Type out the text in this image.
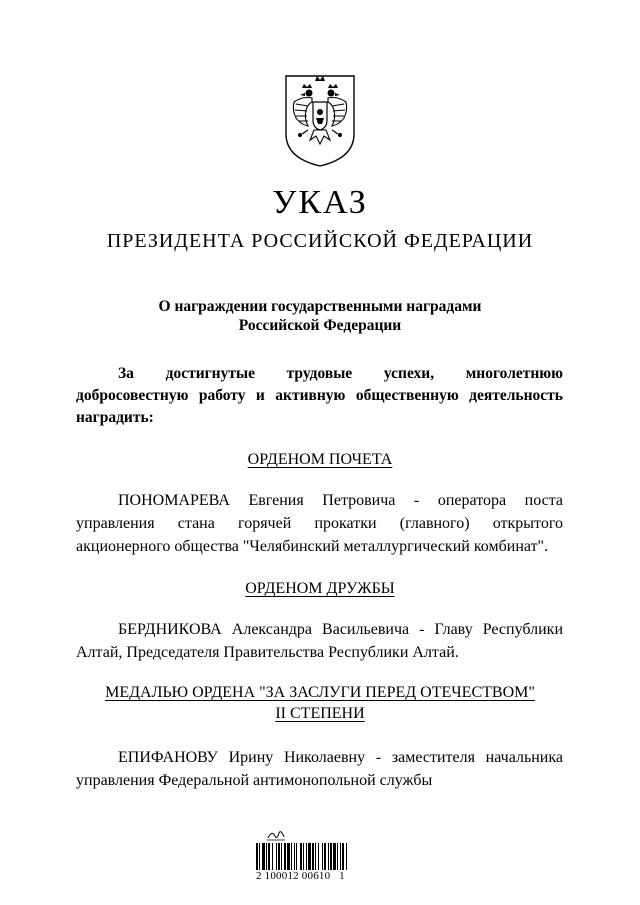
УКАЗ
ПРЕЗИДЕНТА РОССИЙСКОЙ ФЕДЕРАЦИИ
О награждении государственными наградами
Российской Федерации
За достигнутые трудовые успехи, многолетнюю
добросовестную работу и активную общественную деятельность
наградить:
ОРДЕНОМ ПОЧЕТА
ПОНОМАРЕВА Евгения Петровича - оператора поста
управления стана горячей прокатки (главного) открытого
акционерного общества "Челябинский металлургический комбинат".
ОРДЕНОМ ДРУЖБЫ
БЕРДНИКОВА Александра Васильевича - Главу Республики
Алтай, Председателя Правительства Республики Алтай.
МЕДАЛЬЮ ОРДЕНА "ЗА ЗАСЛУГИ ПЕРЕД ОТЕЧЕСТВОМ"
II СТЕПЕНИ
ЕПИФАНОВУ Ирину Николаевну - заместителя начальника
управления Федеральной антимонопольной службы
2 100012 00610   1
